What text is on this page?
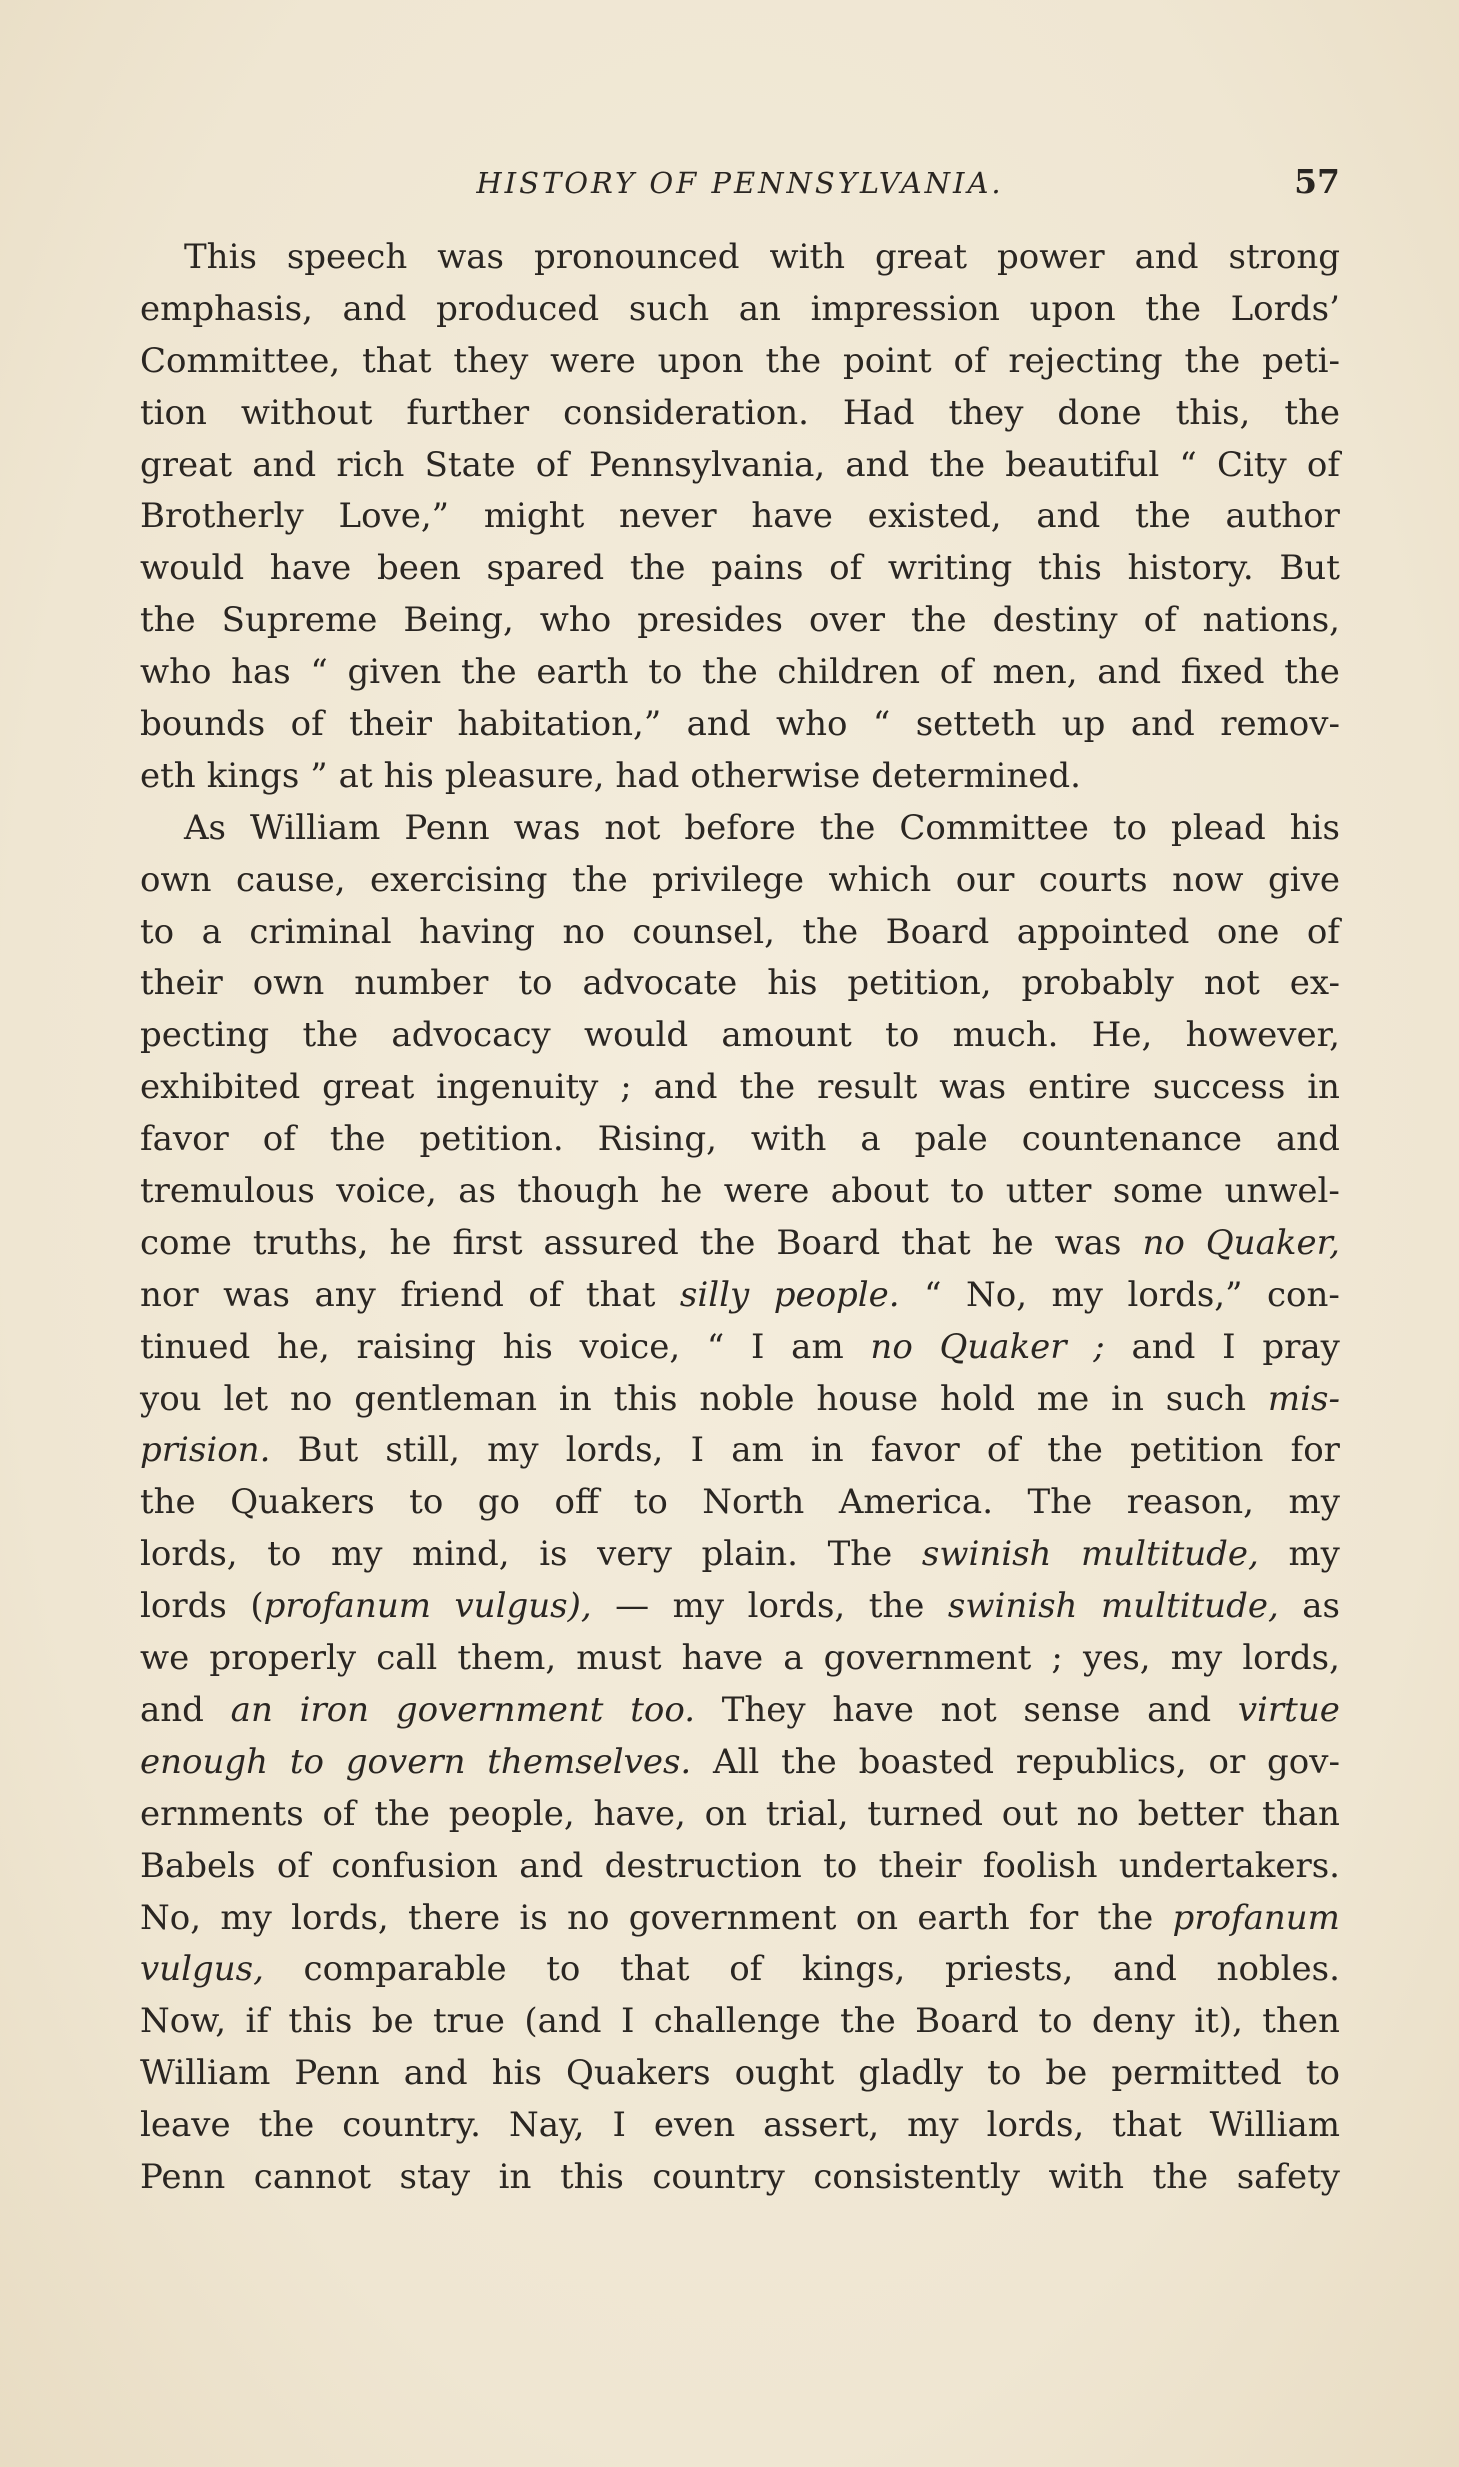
HISTORY OF PENNSYLVANIA.	57
This speech was pronounced with great power and strong
emphasis, and produced such an impression upon the Lords’
Committee, that they were upon the point of rejecting the peti-
tion without further consideration. Had they done this, the
great and rich State of Pennsylvania, and the beautiful “ City of
Brotherly Love,” might never have existed, and the author
would have been spared the pains of writing this history. But
the Supreme Being, who presides over the destiny of nations,
who has “ given the earth to the children of men, and fixed the
bounds of their habitation,” and who “ setteth up and remov-
eth kings ” at his pleasure, had otherwise determined.
As William Penn was not before the Committee to plead his
own cause, exercising the privilege which our courts now give
to a criminal having no counsel, the Board appointed one of
their own number to advocate his petition, probably not ex-
pecting the advocacy would amount to much. He, however,
exhibited great ingenuity ; and the result was entire success in
favor of the petition. Rising, with a pale countenance and
tremulous voice, as though he were about to utter some unwel-
come truths, he first assured the Board that he was no Quaker,
nor was any friend of that silly people. “ No, my lords,” con-
tinued he, raising his voice, “ I am no Quaker ; and I pray
you let no gentleman in this noble house hold me in such mis-
prision. But still, my lords, I am in favor of the petition for
the Quakers to go off to North America. The reason, my
lords, to my mind, is very plain. The swinish multitude, my
lords (profanum vulgus), — my lords, the swinish multitude, as
we properly call them, must have a government ; yes, my lords,
and an iron government too. They have not sense and virtue
enough to govern themselves. All the boasted republics, or gov-
ernments of the people, have, on trial, turned out no better than
Babels of confusion and destruction to their foolish undertakers.
No, my lords, there is no government on earth for the profanum
vulgus, comparable to that of kings, priests, and nobles.
Now, if this be true (and I challenge the Board to deny it), then
William Penn and his Quakers ought gladly to be permitted to
leave the country. Nay, I even assert, my lords, that William
Penn cannot stay in this country consistently with the safety
